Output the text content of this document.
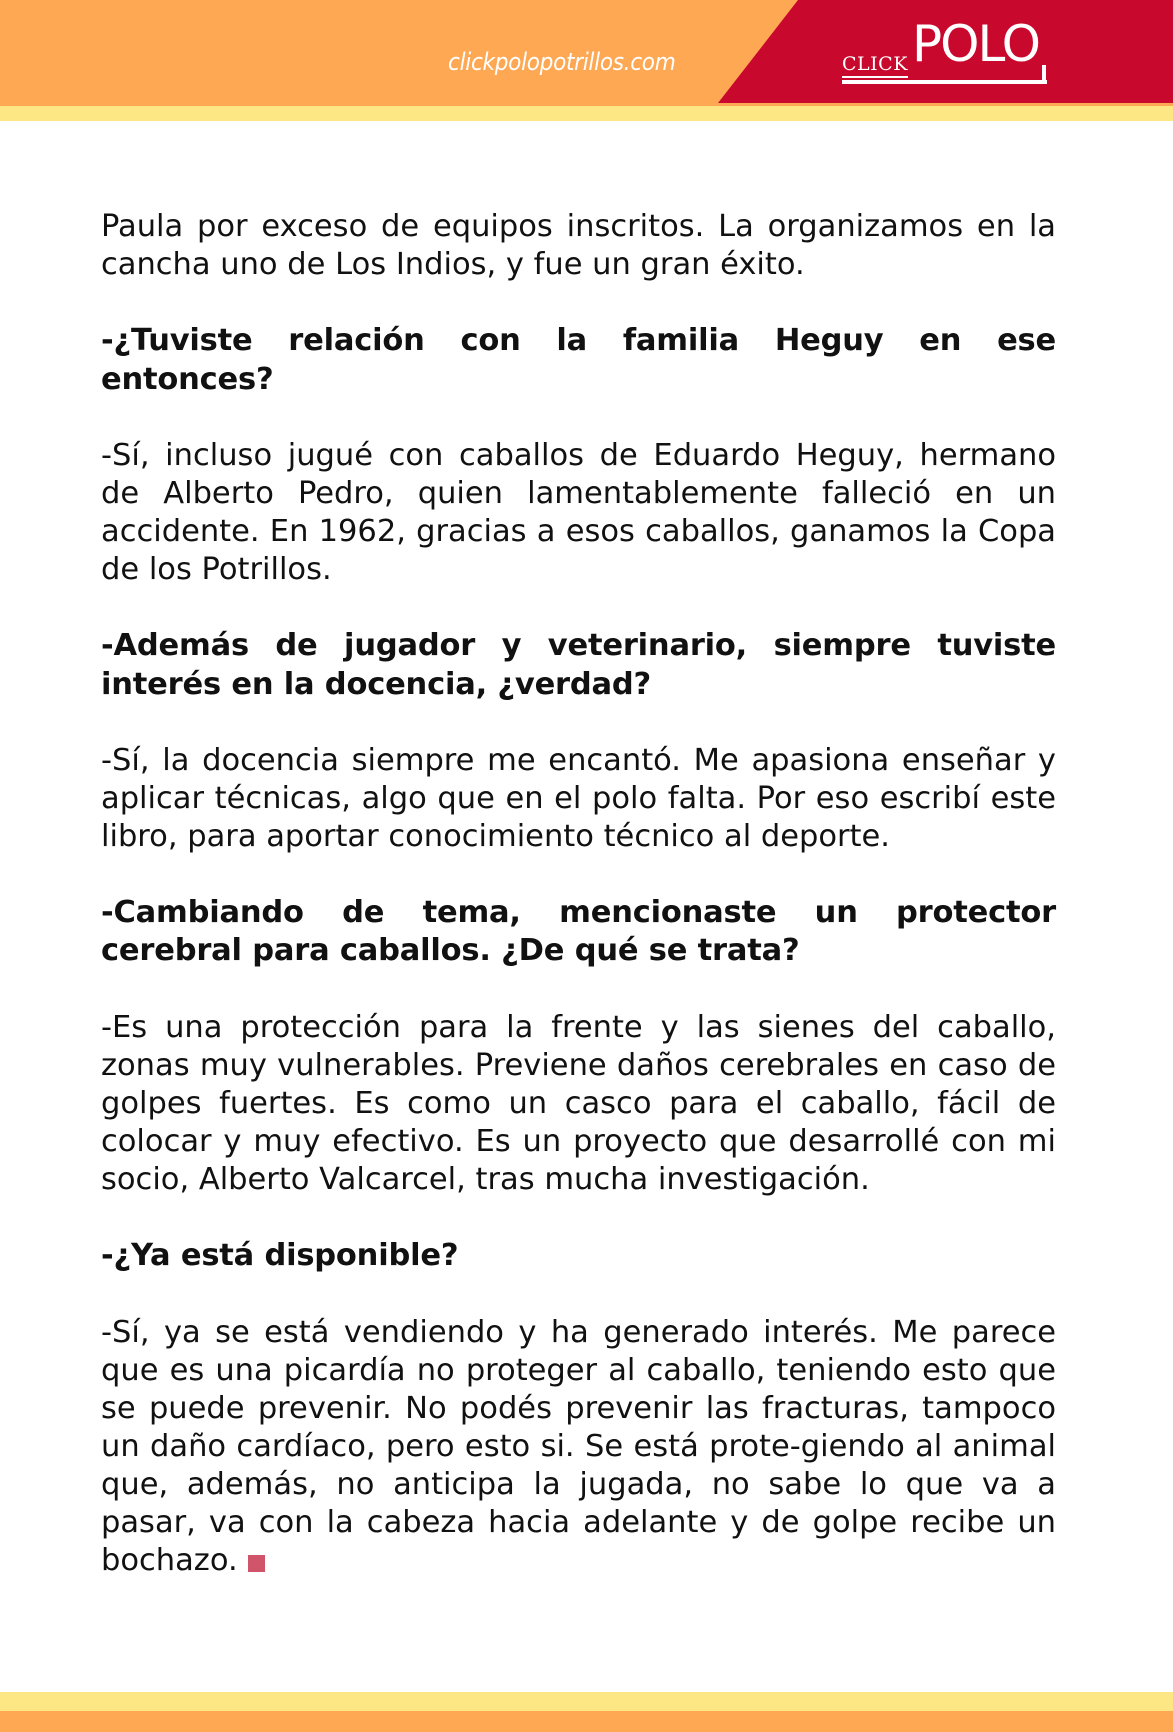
clickpolopotrillos.com	CLICK POLO

Paula por exceso de equipos inscritos. La organizamos en la cancha uno de Los Indios, y fue un gran éxito.

-¿Tuviste relación con la familia Heguy en ese entonces?

-Sí, incluso jugué con caballos de Eduardo Heguy, hermano de Alberto Pedro, quien lamentablemente falleció en un accidente. En 1962, gracias a esos caballos, ganamos la Copa de los Potrillos.

-Además de jugador y veterinario, siempre tuviste interés en la docencia, ¿verdad?

-Sí, la docencia siempre me encantó. Me apasiona enseñar y aplicar técnicas, algo que en el polo falta. Por eso escribí este libro, para aportar conocimiento técnico al deporte.

-Cambiando de tema, mencionaste un protector cerebral para caballos. ¿De qué se trata?

-Es una protección para la frente y las sienes del caballo, zonas muy vulnerables. Previene daños cerebrales en caso de golpes fuertes. Es como un casco para el caballo, fácil de colocar y muy efectivo. Es un proyecto que desarrollé con mi socio, Alberto Valcarcel, tras mucha investigación.

-¿Ya está disponible?

-Sí, ya se está vendiendo y ha generado interés. Me parece que es una picardía no proteger al caballo, teniendo esto que se puede prevenir. No podés prevenir las fracturas, tampoco un daño cardíaco, pero esto si. Se está prote-giendo al animal que, además, no anticipa la jugada, no sabe lo que va a pasar, va con la cabeza hacia adelante y de golpe recibe un bochazo.
